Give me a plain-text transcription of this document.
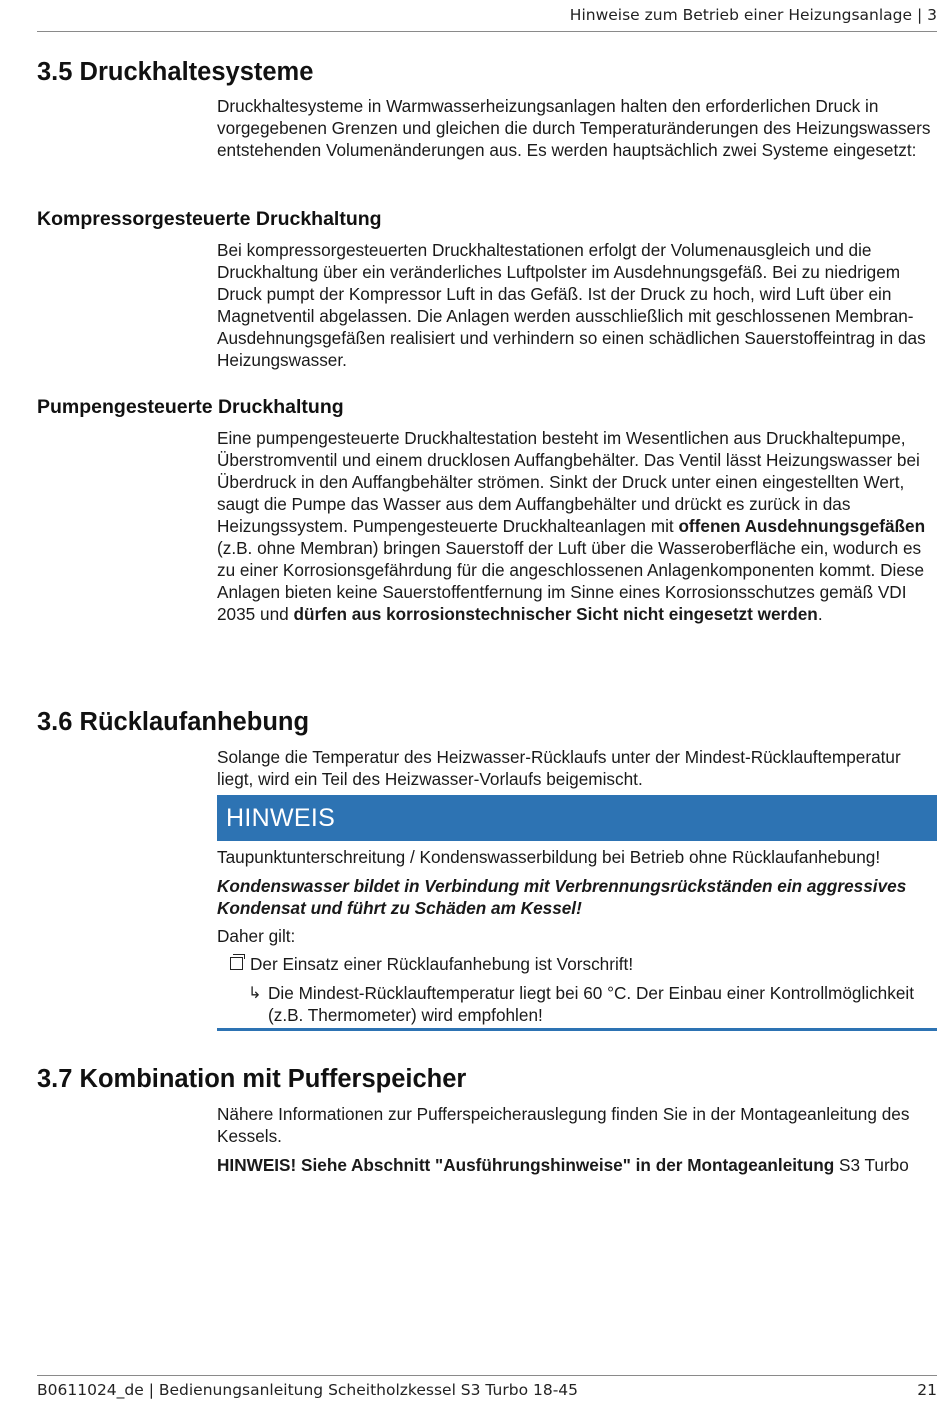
Hinweise zum Betrieb einer Heizungsanlage | 3
3.5 Druckhaltesysteme

Druckhaltesysteme in Warmwasserheizungsanlagen halten den erforderlichen Druck in vorgegebenen Grenzen und gleichen die durch Temperaturänderungen des Heizungswassers entstehenden Volumenänderungen aus. Es werden hauptsächlich zwei Systeme eingesetzt:

Kompressorgesteuerte Druckhaltung

Bei kompressorgesteuerten Druckhaltestationen erfolgt der Volumenausgleich und die Druckhaltung über ein veränderliches Luftpolster im Ausdehnungsgefäß. Bei zu niedrigem Druck pumpt der Kompressor Luft in das Gefäß. Ist der Druck zu hoch, wird Luft über ein Magnetventil abgelassen. Die Anlagen werden ausschließlich mit geschlossenen Membran-Ausdehnungsgefäßen realisiert und verhindern so einen schädlichen Sauerstoffeintrag in das Heizungswasser.

Pumpengesteuerte Druckhaltung

Eine pumpengesteuerte Druckhaltestation besteht im Wesentlichen aus Druckhaltepumpe, Überstromventil und einem drucklosen Auffangbehälter. Das Ventil lässt Heizungswasser bei Überdruck in den Auffangbehälter strömen. Sinkt der Druck unter einen eingestellten Wert, saugt die Pumpe das Wasser aus dem Auffangbehälter und drückt es zurück in das Heizungssystem. Pumpengesteuerte Druckhalteanlagen mit offenen Ausdehnungsgefäßen (z.B. ohne Membran) bringen Sauerstoff der Luft über die Wasseroberfläche ein, wodurch es zu einer Korrosionsgefährdung für die angeschlossenen Anlagenkomponenten kommt. Diese Anlagen bieten keine Sauerstoffentfernung im Sinne eines Korrosionsschutzes gemäß VDI 2035 und dürfen aus korrosionstechnischer Sicht nicht eingesetzt werden.

3.6 Rücklaufanhebung

Solange die Temperatur des Heizwasser-Rücklaufs unter der Mindest-Rücklauftemperatur liegt, wird ein Teil des Heizwasser-Vorlaufs beigemischt.

HINWEIS

Taupunktunterschreitung / Kondenswasserbildung bei Betrieb ohne Rücklaufanhebung!

Kondenswasser bildet in Verbindung mit Verbrennungsrückständen ein aggressives Kondensat und führt zu Schäden am Kessel!

Daher gilt:

Der Einsatz einer Rücklaufanhebung ist Vorschrift!

↳ Die Mindest-Rücklauftemperatur liegt bei 60 °C. Der Einbau einer Kontrollmöglichkeit (z.B. Thermometer) wird empfohlen!

3.7 Kombination mit Pufferspeicher

Nähere Informationen zur Pufferspeicherauslegung finden Sie in der Montageanleitung des Kessels.

HINWEIS! Siehe Abschnitt "Ausführungshinweise" in der Montageanleitung S3 Turbo

B0611024_de | Bedienungsanleitung Scheitholzkessel S3 Turbo 18-45	21
